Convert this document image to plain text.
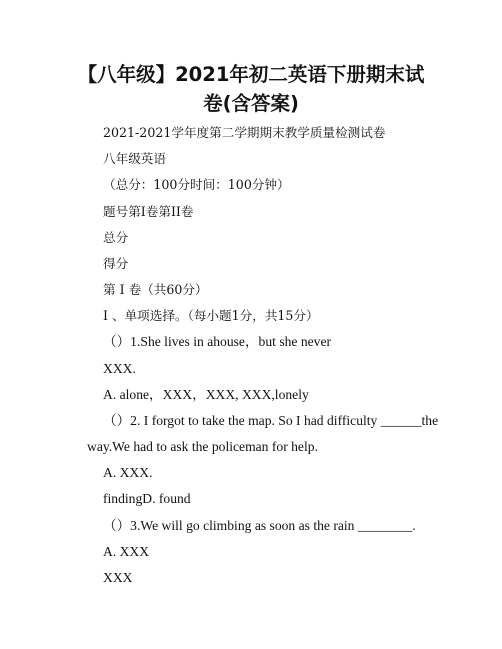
【八年级】2021年初二英语下册期末试
卷(含答案)
2021-2021学年度第二学期期末教学质量检测试卷
八年级英语
（总分：100分时间：100分钟）
题号第I卷第II卷
总分
得分
第 I 卷（共60分）
I 、单项选择。（每小题1分，共15分）
（）1.She lives in ahouse，but she never
XXX.
A. alone，XXX，XXX, XXX,lonely
（）2. I forgot to take the map. So I had difficulty ______the
way.We had to ask the policeman for help.
A. XXX.
findingD. found
（）3.We will go climbing as soon as the rain ________.
A. XXX
XXX
